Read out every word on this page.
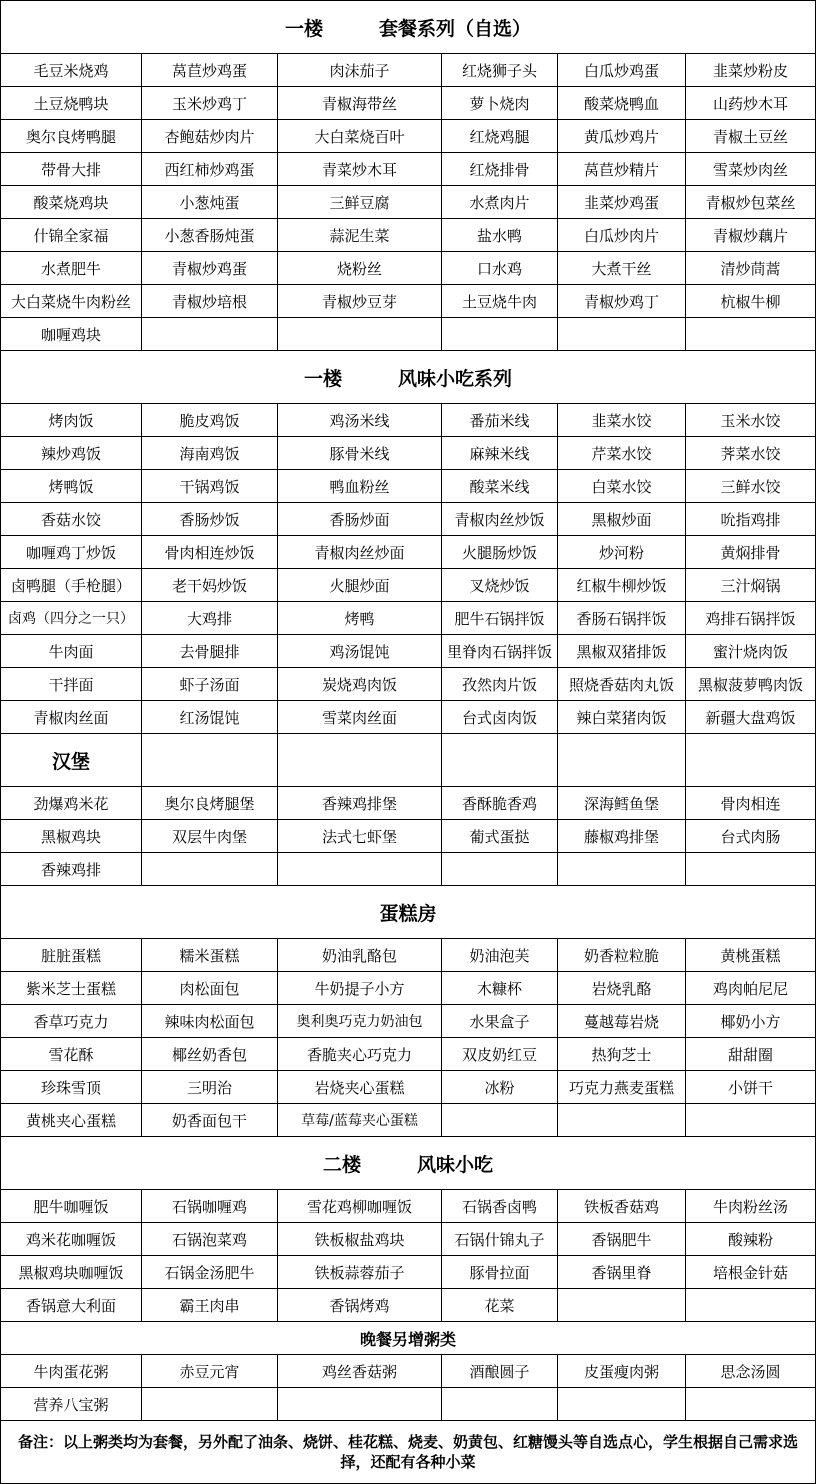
一楼 套餐系列（自选）					
毛豆米烧鸡	莴苣炒鸡蛋	肉沫茄子	红烧狮子头	白瓜炒鸡蛋	韭菜炒粉皮
土豆烧鸭块	玉米炒鸡丁	青椒海带丝	萝卜烧肉	酸菜烧鸭血	山药炒木耳
奥尔良烤鸭腿	杏鲍菇炒肉片	大白菜烧百叶	红烧鸡腿	黄瓜炒鸡片	青椒土豆丝
带骨大排	西红柿炒鸡蛋	青菜炒木耳	红烧排骨	莴苣炒精片	雪菜炒肉丝
酸菜烧鸡块	小葱炖蛋	三鲜豆腐	水煮肉片	韭菜炒鸡蛋	青椒炒包菜丝
什锦全家福	小葱香肠炖蛋	蒜泥生菜	盐水鸭	白瓜炒肉片	青椒炒藕片
水煮肥牛	青椒炒鸡蛋	烧粉丝	口水鸡	大煮干丝	清炒茼蒿
大白菜烧牛肉粉丝	青椒炒培根	青椒炒豆芽	土豆烧牛肉	青椒炒鸡丁	杭椒牛柳
咖喱鸡块					
一楼 风味小吃系列					
烤肉饭	脆皮鸡饭	鸡汤米线	番茄米线	韭菜水饺	玉米水饺
辣炒鸡饭	海南鸡饭	豚骨米线	麻辣米线	芹菜水饺	荠菜水饺
烤鸭饭	干锅鸡饭	鸭血粉丝	酸菜米线	白菜水饺	三鲜水饺
香菇水饺	香肠炒饭	香肠炒面	青椒肉丝炒饭	黑椒炒面	吮指鸡排
咖喱鸡丁炒饭	骨肉相连炒饭	青椒肉丝炒面	火腿肠炒饭	炒河粉	黄焖排骨
卤鸭腿（手枪腿）	老干妈炒饭	火腿炒面	叉烧炒饭	红椒牛柳炒饭	三汁焖锅
卤鸡（四分之一只）	大鸡排	烤鸭	肥牛石锅拌饭	香肠石锅拌饭	鸡排石锅拌饭
牛肉面	去骨腿排	鸡汤馄饨	里脊肉石锅拌饭	黑椒双猪排饭	蜜汁烧肉饭
干拌面	虾子汤面	炭烧鸡肉饭	孜然肉片饭	照烧香菇肉丸饭	黑椒菠萝鸭肉饭
青椒肉丝面	红汤馄饨	雪菜肉丝面	台式卤肉饭	辣白菜猪肉饭	新疆大盘鸡饭
汉堡					
劲爆鸡米花	奥尔良烤腿堡	香辣鸡排堡	香酥脆香鸡	深海鳕鱼堡	骨肉相连
黑椒鸡块	双层牛肉堡	法式七虾堡	葡式蛋挞	藤椒鸡排堡	台式肉肠
香辣鸡排					
蛋糕房					
脏脏蛋糕	糯米蛋糕	奶油乳酪包	奶油泡芙	奶香粒粒脆	黄桃蛋糕
紫米芝士蛋糕	肉松面包	牛奶提子小方	木糠杯	岩烧乳酪	鸡肉帕尼尼
香草巧克力	辣味肉松面包	奥利奥巧克力奶油包	水果盒子	蔓越莓岩烧	椰奶小方
雪花酥	椰丝奶香包	香脆夹心巧克力	双皮奶红豆	热狗芝士	甜甜圈
珍珠雪顶	三明治	岩烧夹心蛋糕	冰粉	巧克力燕麦蛋糕	小饼干
黄桃夹心蛋糕	奶香面包干	草莓/蓝莓夹心蛋糕			
二楼 风味小吃					
肥牛咖喱饭	石锅咖喱鸡	雪花鸡柳咖喱饭	石锅香卤鸭	铁板香菇鸡	牛肉粉丝汤
鸡米花咖喱饭	石锅泡菜鸡	铁板椒盐鸡块	石锅什锦丸子	香锅肥牛	酸辣粉
黑椒鸡块咖喱饭	石锅金汤肥牛	铁板蒜蓉茄子	豚骨拉面	香锅里脊	培根金针菇
香锅意大利面	霸王肉串	香锅烤鸡	花菜		
晚餐另增粥类					
牛肉蛋花粥	赤豆元宵	鸡丝香菇粥	酒酿圆子	皮蛋瘦肉粥	思念汤圆
营养八宝粥					
备注：以上粥类均为套餐，另外配了油条、烧饼、桂花糕、烧麦、奶黄包、红糖馒头等自选点心，学生根据自己需求选择，还配有各种小菜					
